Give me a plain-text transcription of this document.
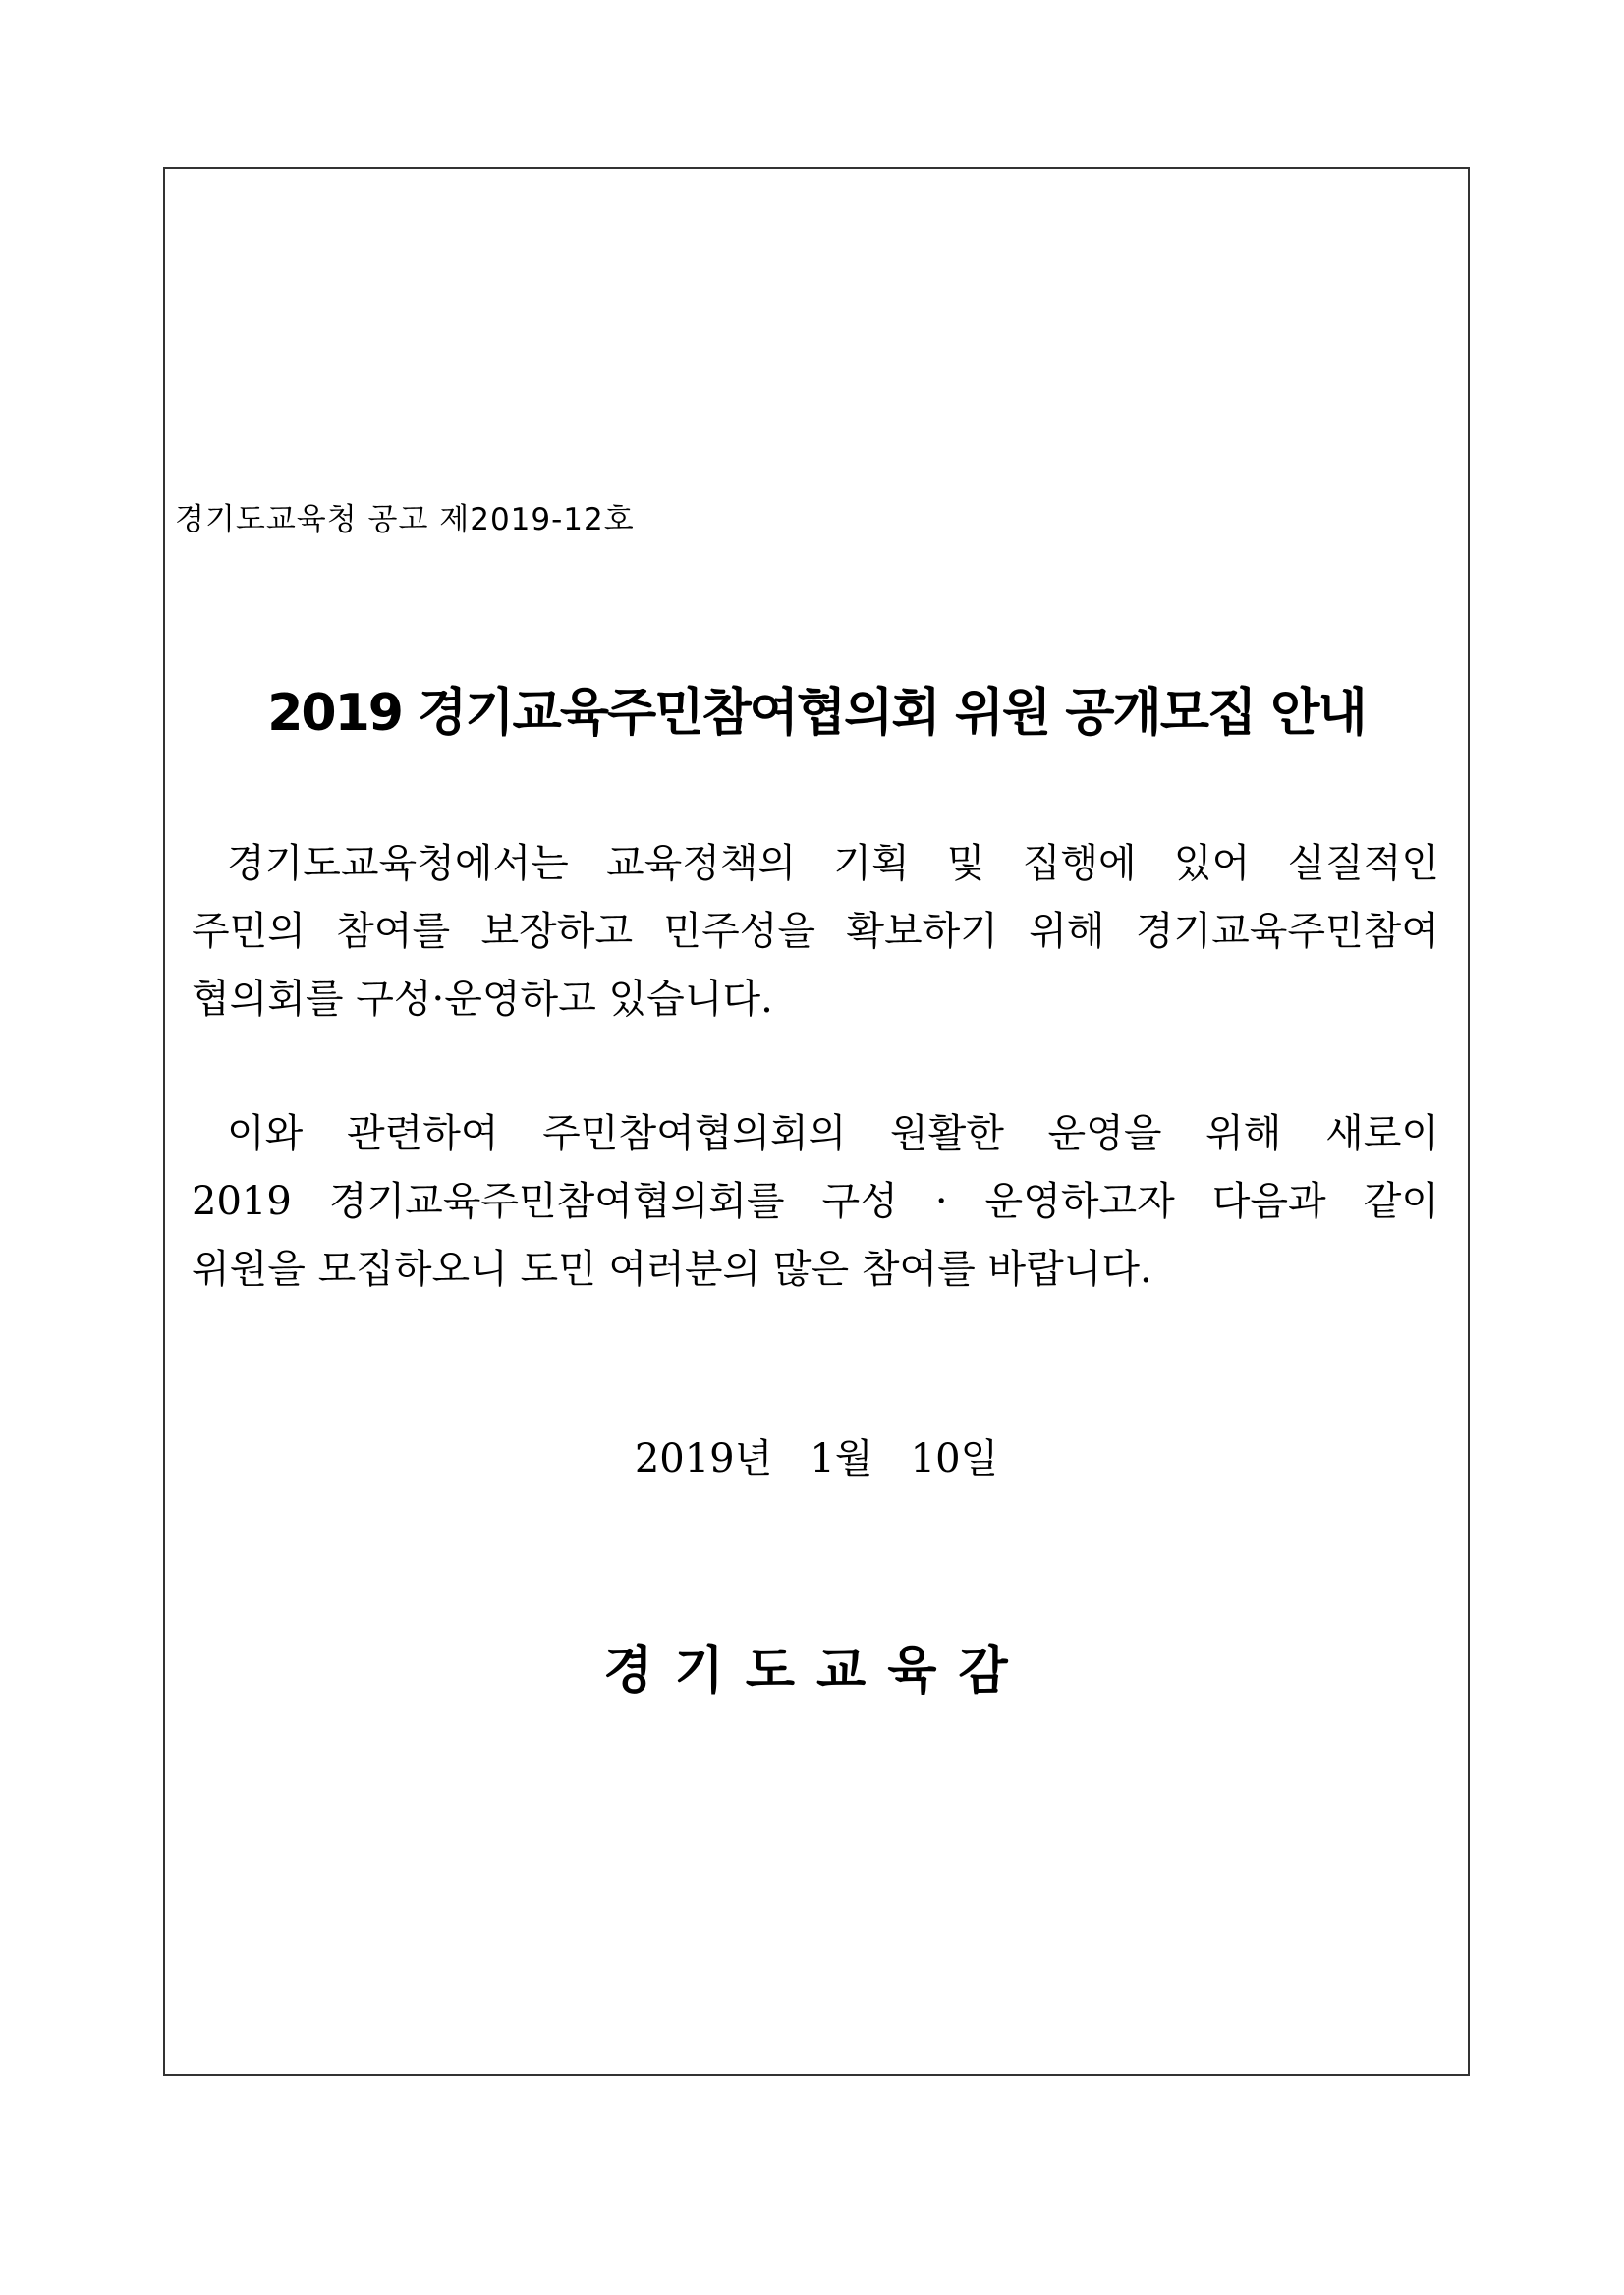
경기도교육청 공고 제2019-12호
2019 경기교육주민참여협의회 위원 공개모집 안내
경기도교육청에서는 교육정책의 기획 및 집행에 있어 실질적인
주민의 참여를 보장하고 민주성을 확보하기 위해 경기교육주민참여
협의회를 구성·운영하고 있습니다.
이와 관련하여 주민참여협의회의 원활한 운영을 위해 새로이
2019 경기교육주민참여협의회를 구성 · 운영하고자 다음과 같이
위원을 모집하오니 도민 여러분의 많은 참여를 바랍니다.
2019년   1월   10일
경기도교육감
